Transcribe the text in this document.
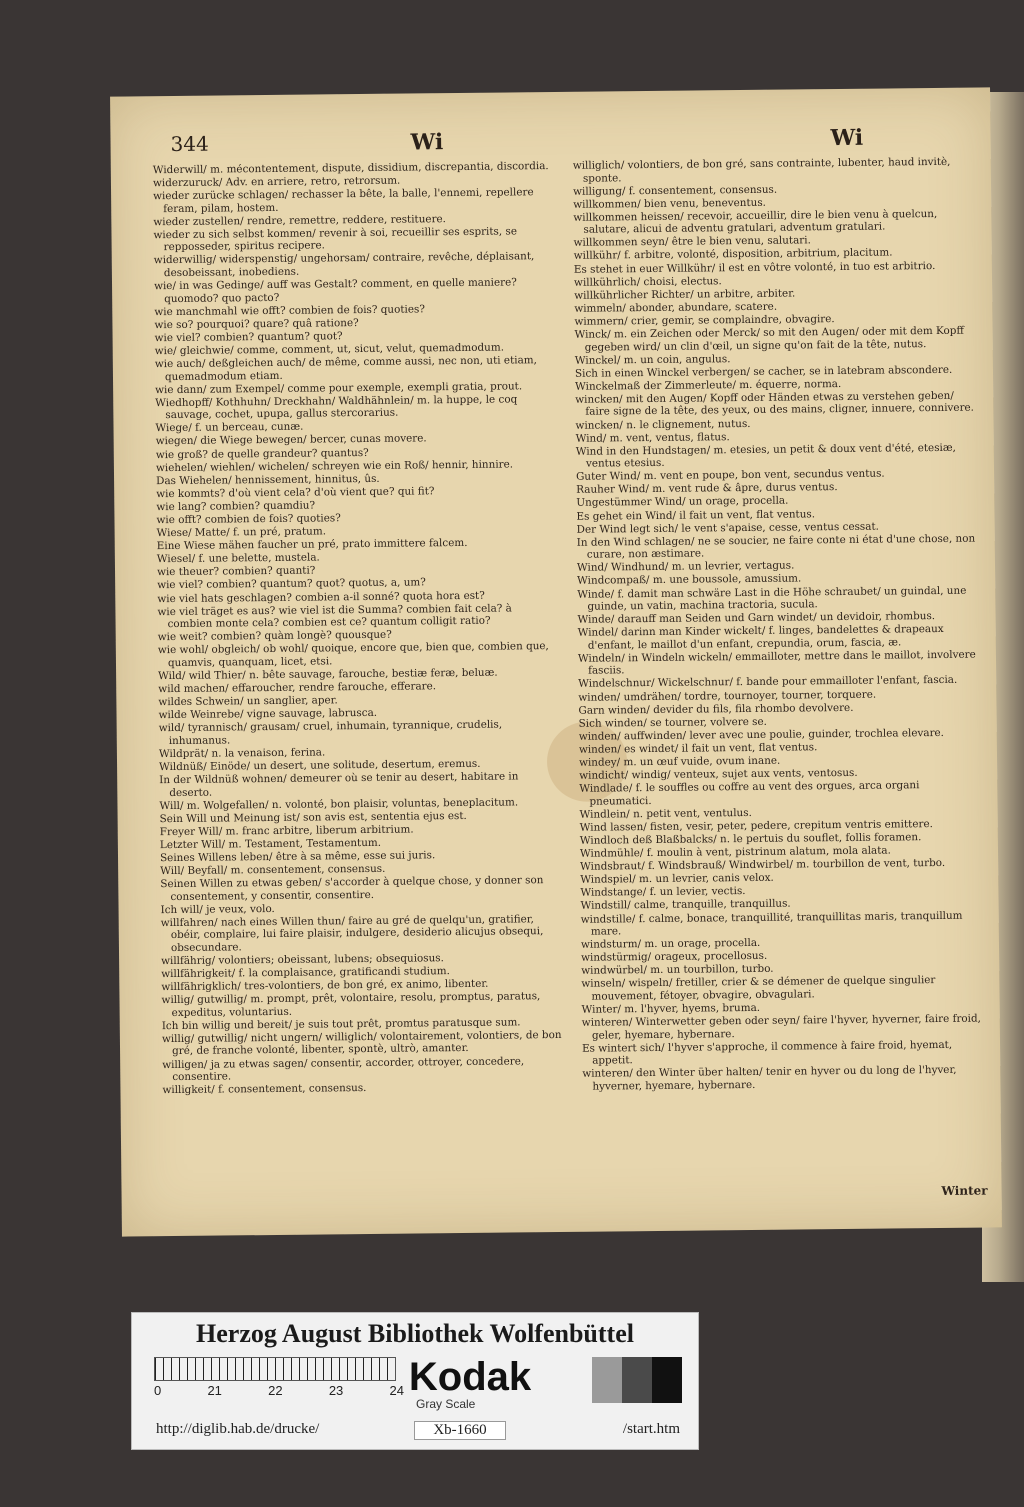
344	Wi	Wi
Widerwill/ m. mécontentement, dispute, dissidium, discrepantia, discordia.
widerzuruck/ Adv. en arriere, retro, retrorsum.
wieder zurücke schlagen/ rechasser la bête, la balle, l'ennemi, repellere feram, pilam, hostem.
wieder zustellen/ rendre, remettre, reddere, restituere.
wieder zu sich selbst kommen/ revenir à soi, recueillir ses esprits, se repposseder, spiritus recipere.
widerwillig/ widerspenstig/ ungehorsam/ contraire, revêche, déplaisant, desobeissant, inobediens.
wie/ in was Gedinge/ auff was Gestalt? comment, en quelle maniere? quomodo? quo pacto?
wie manchmahl wie offt? combien de fois? quoties?
wie so? pourquoi? quare? quâ ratione?
wie viel? combien? quantum? quot?
wie/ gleichwie/ comme, comment, ut, sicut, velut, quemadmodum.
wie auch/ deßgleichen auch/ de même, comme aussi, nec non, uti etiam, quemadmodum etiam.
wie dann/ zum Exempel/ comme pour exemple, exempli gratia, prout.
Wiedhopff/ Kothhuhn/ Dreckhahn/ Waldhähnlein/ m. la huppe, le coq sauvage, cochet, upupa, gallus stercorarius.
Wiege/ f. un berceau, cunæ.
wiegen/ die Wiege bewegen/ bercer, cunas movere.
wie groß? de quelle grandeur? quantus?
wiehelen/ wiehlen/ wichelen/ schreyen wie ein Roß/ hennir, hinnire.
Das Wiehelen/ hennissement, hinnitus, ûs.
wie kommts? d'où vient cela? d'où vient que? qui fit?
wie lang? combien? quamdiu?
wie offt? combien de fois? quoties?
Wiese/ Matte/ f. un pré, pratum.
Eine Wiese mähen faucher un pré, prato immittere falcem.
Wiesel/ f. une belette, mustela.
wie theuer? combien? quanti?
wie viel? combien? quantum? quot? quotus, a, um?
wie viel hats geschlagen? combien a-il sonné? quota hora est?
wie viel träget es aus? wie viel ist die Summa? combien fait cela? à combien monte cela? combien est ce? quantum colligit ratio?
wie weit? combien? quàm longè? quousque?
wie wohl/ obgleich/ ob wohl/ quoique, encore que, bien que, combien que, quamvis, quanquam, licet, etsi.
Wild/ wild Thier/ n. bête sauvage, farouche, bestiæ feræ, beluæ.
wild machen/ effaroucher, rendre farouche, efferare.
wildes Schwein/ un sanglier, aper.
wilde Weinrebe/ vigne sauvage, labrusca.
wild/ tyrannisch/ grausam/ cruel, inhumain, tyrannique, crudelis, inhumanus.
Wildprät/ n. la venaison, ferina.
Wildnüß/ Einöde/ un desert, une solitude, desertum, eremus.
In der Wildnüß wohnen/ demeurer où se tenir au desert, habitare in deserto.
Will/ m. Wolgefallen/ n. volonté, bon plaisir, voluntas, beneplacitum.
Sein Will und Meinung ist/ son avis est, sententia ejus est.
Freyer Will/ m. franc arbitre, liberum arbitrium.
Letzter Will/ m. Testament, Testamentum.
Seines Willens leben/ être à sa même, esse sui juris.
Will/ Beyfall/ m. consentement, consensus.
Seinen Willen zu etwas geben/ s'accorder à quelque chose, y donner son consentement, y consentir, consentire.
Ich will/ je veux, volo.
willfahren/ nach eines Willen thun/ faire au gré de quelqu'un, gratifier, obéir, complaire, lui faire plaisir, indulgere, desiderio alicujus obsequi, obsecundare.
willfährig/ volontiers; obeissant, lubens; obsequiosus.
willfährigkeit/ f. la complaisance, gratificandi studium.
willfährigklich/ tres-volontiers, de bon gré, ex animo, libenter.
willig/ gutwillig/ m. prompt, prêt, volontaire, resolu, promptus, paratus, expeditus, voluntarius.
Ich bin willig und bereit/ je suis tout prêt, promtus paratusque sum.
willig/ gutwillig/ nicht ungern/ williglich/ volontairement, volontiers, de bon gré, de franche volonté, libenter, spontè, ultrò, amanter.
willigen/ ja zu etwas sagen/ consentir, accorder, ottroyer, concedere, consentire.
willigkeit/ f. consentement, consensus.
williglich/ volontiers, de bon gré, sans contrainte, lubenter, haud invitè, sponte.
willigung/ f. consentement, consensus.
willkommen/ bien venu, beneventus.
willkommen heissen/ recevoir, accueillir, dire le bien venu à quelcun, salutare, alicui de adventu gratulari, adventum gratulari.
willkommen seyn/ être le bien venu, salutari.
willkühr/ f. arbitre, volonté, disposition, arbitrium, placitum.
Es stehet in euer Willkühr/ il est en vôtre volonté, in tuo est arbitrio.
willkührlich/ choisi, electus.
willkührlicher Richter/ un arbitre, arbiter.
wimmeln/ abonder, abundare, scatere.
wimmern/ crier, gemir, se complaindre, obvagire.
Winck/ m. ein Zeichen oder Merck/ so mit den Augen/ oder mit dem Kopff gegeben wird/ un clin d'œil, un signe qu'on fait de la tête, nutus.
Winckel/ m. un coin, angulus.
Sich in einen Winckel verbergen/ se cacher, se in latebram abscondere.
Winckelmaß der Zimmerleute/ m. équerre, norma.
wincken/ mit den Augen/ Kopff oder Händen etwas zu verstehen geben/ faire signe de la tête, des yeux, ou des mains, cligner, innuere, connivere.
wincken/ n. le clignement, nutus.
Wind/ m. vent, ventus, flatus.
Wind in den Hundstagen/ m. etesies, un petit & doux vent d'été, etesiæ, ventus etesius.
Guter Wind/ m. vent en poupe, bon vent, secundus ventus.
Rauher Wind/ m. vent rude & âpre, durus ventus.
Ungestümmer Wind/ un orage, procella.
Es gehet ein Wind/ il fait un vent, flat ventus.
Der Wind legt sich/ le vent s'apaise, cesse, ventus cessat.
In den Wind schlagen/ ne se soucier, ne faire conte ni état d'une chose, non curare, non æstimare.
Wind/ Windhund/ m. un levrier, vertagus.
Windcompaß/ m. une boussole, amussium.
Winde/ f. damit man schwäre Last in die Höhe schraubet/ un guindal, une guinde, un vatin, machina tractoria, sucula.
Winde/ darauff man Seiden und Garn windet/ un devidoir, rhombus.
Windel/ darinn man Kinder wickelt/ f. linges, bandelettes & drapeaux d'enfant, le maillot d'un enfant, crepundia, orum, fascia, æ.
Windeln/ in Windeln wickeln/ emmailloter, mettre dans le maillot, involvere fasciis.
Windelschnur/ Wickelschnur/ f. bande pour emmailloter l'enfant, fascia.
winden/ umdrähen/ tordre, tournoyer, tourner, torquere.
Garn winden/ devider du fils, fila rhombo devolvere.
Sich winden/ se tourner, volvere se.
winden/ auffwinden/ lever avec une poulie, guinder, trochlea elevare.
winden/ es windet/ il fait un vent, flat ventus.
windey/ m. un œuf vuide, ovum inane.
windicht/ windig/ venteux, sujet aux vents, ventosus.
Windlade/ f. le souffles ou coffre au vent des orgues, arca organi pneumatici.
Windlein/ n. petit vent, ventulus.
Wind lassen/ fisten, vesir, peter, pedere, crepitum ventris emittere.
Windloch deß Blaßbalcks/ n. le pertuis du souflet, follis foramen.
Windmühle/ f. moulin à vent, pistrinum alatum, mola alata.
Windsbraut/ f. Windsbrauß/ Windwirbel/ m. tourbillon de vent, turbo.
Windspiel/ m. un levrier, canis velox.
Windstange/ f. un levier, vectis.
Windstill/ calme, tranquille, tranquillus.
windstille/ f. calme, bonace, tranquillité, tranquillitas maris, tranquillum mare.
windsturm/ m. un orage, procella.
windstürmig/ orageux, procellosus.
windwürbel/ m. un tourbillon, turbo.
winseln/ wispeln/ fretiller, crier & se démener de quelque singulier mouvement, fétoyer, obvagire, obvagulari.
Winter/ m. l'hyver, hyems, bruma.
winteren/ Winterwetter geben oder seyn/ faire l'hyver, hyverner, faire froid, geler, hyemare, hybernare.
Es wintert sich/ l'hyver s'approche, il commence à faire froid, hyemat, appetit.
winteren/ den Winter über halten/ tenir en hyver ou du long de l'hyver, hyverner, hyemare, hybernare.
Winter
Herzog August Bibliothek Wolfenbüttel
0	21	22	23	24 Kodak
Gray Scale
http://diglib.hab.de/drucke/	Xb-1660	/start.htm
